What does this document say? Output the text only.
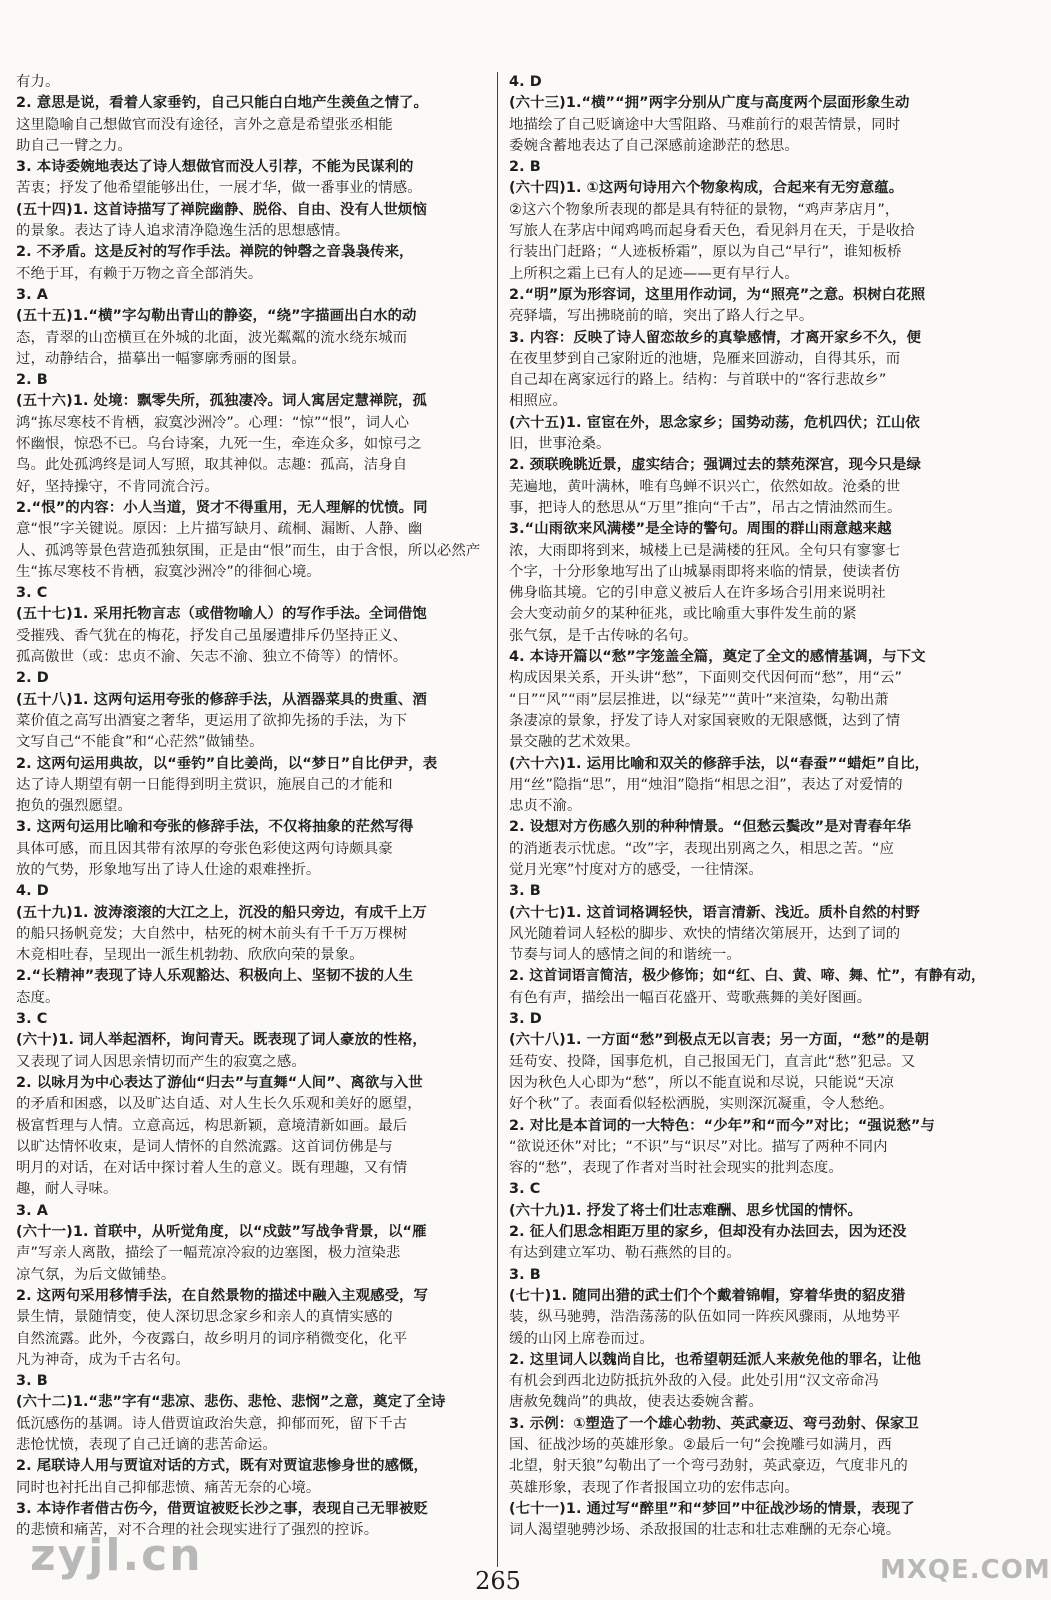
有力。

2. 意思是说，看着人家垂钓，自己只能白白地产生羡鱼之情了。

这里隐喻自己想做官而没有途径，言外之意是希望张丞相能

助自己一臂之力。

3. 本诗委婉地表达了诗人想做官而没人引荐，不能为民谋利的

苦衷；抒发了他希望能够出仕，一展才华，做一番事业的情感。

(五十四)1. 这首诗描写了禅院幽静、脱俗、自由、没有人世烦恼

的景象。表达了诗人追求清净隐逸生活的思想感情。

2. 不矛盾。这是反衬的写作手法。禅院的钟磬之音袅袅传来，

不绝于耳，有赖于万物之音全部消失。

3. A

(五十五)1.“横”字勾勒出青山的静姿，“绕”字描画出白水的动

态，青翠的山峦横亘在外城的北面，波光粼粼的流水绕东城而

过，动静结合，描摹出一幅寥廓秀丽的图景。

2. B

(五十六)1. 处境：飘零失所，孤独凄冷。词人寓居定慧禅院，孤

鸿“拣尽寒枝不肯栖，寂寞沙洲冷”。心理：“惊”“恨”，词人心

怀幽恨，惊恐不已。乌台诗案，九死一生，牵连众多，如惊弓之

鸟。此处孤鸿终是词人写照，取其神似。志趣：孤高，洁身自

好，坚持操守，不肯同流合污。

2.“恨”的内容：小人当道，贤才不得重用，无人理解的忧愤。同

意“恨”字关键说。原因：上片描写缺月、疏桐、漏断、人静、幽

人、孤鸿等景色营造孤独氛围，正是由“恨”而生，由于含恨，所以必然产

生“拣尽寒枝不肯栖，寂寞沙洲冷”的徘徊心境。

3. C

(五十七)1. 采用托物言志（或借物喻人）的写作手法。全词借饱

受摧残、香气犹在的梅花，抒发自己虽屡遭排斥仍坚持正义、

孤高傲世（或：忠贞不渝、矢志不渝、独立不倚等）的情怀。

2. D

(五十八)1. 这两句运用夸张的修辞手法，从酒器菜具的贵重、酒

菜价值之高写出酒宴之奢华，更运用了欲抑先扬的手法，为下

文写自己“不能食”和“心茫然”做铺垫。

2. 这两句运用典故，以“垂钓”自比姜尚，以“梦日”自比伊尹，表

达了诗人期望有朝一日能得到明主赏识，施展自己的才能和

抱负的强烈愿望。

3. 这两句运用比喻和夸张的修辞手法，不仅将抽象的茫然写得

具体可感，而且因其带有浓厚的夸张色彩使这两句诗颇具豪

放的气势，形象地写出了诗人仕途的艰难挫折。

4. D

(五十九)1. 波涛滚滚的大江之上，沉没的船只旁边，有成千上万

的船只扬帆竞发；大自然中，枯死的树木前头有千千万万棵树

木竞相吐春，呈现出一派生机勃勃、欣欣向荣的景象。

2.“长精神”表现了诗人乐观豁达、积极向上、坚韧不拔的人生

态度。

3. C

(六十)1. 词人举起酒杯，询问青天。既表现了词人豪放的性格，

又表现了词人因思亲情切而产生的寂寞之感。

2. 以咏月为中心表达了游仙“归去”与直舞“人间”、离欲与入世

的矛盾和困惑，以及旷达自适、对人生长久乐观和美好的愿望，

极富哲理与人情。立意高远，构思新颖，意境清新如画。最后

以旷达情怀收束，是词人情怀的自然流露。这首词仿佛是与

明月的对话，在对话中探讨着人生的意义。既有理趣，又有情

趣，耐人寻味。

3. A

(六十一)1. 首联中，从听觉角度，以“戍鼓”写战争背景，以“雁

声”写亲人离散，描绘了一幅荒凉冷寂的边塞图，极力渲染悲

凉气氛，为后文做铺垫。

2. 这两句采用移情手法，在自然景物的描述中融入主观感受，写

景生情，景随情变，使人深切思念家乡和亲人的真情实感的

自然流露。此外，今夜露白，故乡明月的词序稍微变化，化平

凡为神奇，成为千古名句。

3. B

(六十二)1.“悲”字有“悲凉、悲伤、悲怆、悲悯”之意，奠定了全诗

低沉感伤的基调。诗人借贾谊政治失意，抑郁而死，留下千古

悲怆忧愤，表现了自己迁谪的悲苦命运。

2. 尾联诗人用与贾谊对话的方式，既有对贾谊悲惨身世的感慨，

同时也衬托出自己抑郁悲愤、痛苦无奈的心境。

3. 本诗作者借古伤今，借贾谊被贬长沙之事，表现自己无罪被贬

的悲愤和痛苦，对不合理的社会现实进行了强烈的控诉。

4. D

(六十三)1.“横”“拥”两字分别从广度与高度两个层面形象生动

地描绘了自己贬谪途中大雪阻路、马难前行的艰苦情景，同时

委婉含蓄地表达了自己深感前途渺茫的愁思。

2. B

(六十四)1. ①这两句诗用六个物象构成，合起来有无穷意蕴。

②这六个物象所表现的都是具有特征的景物，“鸡声茅店月”，

写旅人在茅店中闻鸡鸣而起身看天色，看见斜月在天，于是收拾

行装出门赶路；“人迹板桥霜”，原以为自己“早行”，谁知板桥

上所积之霜上已有人的足迹——更有早行人。

2.“明”原为形容词，这里用作动词，为“照亮”之意。枳树白花照

亮驿墙，写出拂晓前的暗，突出了路人行之早。

3. 内容：反映了诗人留恋故乡的真挚感情，才离开家乡不久，便

在夜里梦到自己家附近的池塘，凫雁来回游动，自得其乐，而

自己却在离家远行的路上。结构：与首联中的“客行悲故乡”

相照应。

(六十五)1. 宦宦在外，思念家乡；国势动荡，危机四伏；江山依

旧，世事沧桑。

2. 颈联晚眺近景，虚实结合；强调过去的禁苑深宫，现今只是绿

芜遍地，黄叶满林，唯有鸟蝉不识兴亡，依然如故。沧桑的世

事，把诗人的愁思从“万里”推向“千古”，吊古之情油然而生。

3.“山雨欲来风满楼”是全诗的警句。周围的群山雨意越来越

浓，大雨即将到来，城楼上已是满楼的狂风。全句只有寥寥七

个字，十分形象地写出了山城暴雨即将来临的情景，使读者仿

佛身临其境。它的引申意义被后人在许多场合引用来说明社

会大变动前夕的某种征兆，或比喻重大事件发生前的紧

张气氛，是千古传咏的名句。

4. 本诗开篇以“愁”字笼盖全篇，奠定了全文的感情基调，与下文

构成因果关系，开头讲“愁”，下面则交代因何而“愁”，用“云”

“日”“风”“雨”层层推进，以“绿芜”“黄叶”来渲染，勾勒出萧

条凄凉的景象，抒发了诗人对家国衰败的无限感慨，达到了情

景交融的艺术效果。

(六十六)1. 运用比喻和双关的修辞手法，以“春蚕”“蜡炬”自比，

用“丝”隐指“思”，用“烛泪”隐指“相思之泪”，表达了对爱情的

忠贞不渝。

2. 设想对方伤感久别的种种情景。“但愁云鬓改”是对青春年华

的消逝表示忧虑。“改”字，表现出别离之久，相思之苦。“应

觉月光寒”忖度对方的感受，一往情深。

3. B

(六十七)1. 这首词格调轻快，语言清新、浅近。质朴自然的村野

风光随着词人轻松的脚步、欢快的情绪次第展开，达到了词的

节奏与词人的感情之间的和谐统一。

2. 这首词语言简洁，极少修饰；如“红、白、黄、啼、舞、忙”，有静有动，

有色有声，描绘出一幅百花盛开、莺歌燕舞的美好图画。

3. D

(六十八)1. 一方面“愁”到极点无以言表；另一方面，“愁”的是朝

廷苟安、投降，国事危机，自己报国无门，直言此“愁”犯忌。又

因为秋色人心即为“愁”，所以不能直说和尽说，只能说“天凉

好个秋”了。表面看似轻松洒脱，实则深沉凝重，令人愁绝。

2. 对比是本首词的一大特色：“少年”和“而今”对比；“强说愁”与

“欲说还休”对比；“不识”与“识尽”对比。描写了两种不同内

容的“愁”，表现了作者对当时社会现实的批判态度。

3. C

(六十九)1. 抒发了将士们壮志难酬、思乡忧国的情怀。

2. 征人们思念相距万里的家乡，但却没有办法回去，因为还没

有达到建立军功、勒石燕然的目的。

3. B

(七十)1. 随同出猎的武士们个个戴着锦帽，穿着华贵的貂皮猎

装，纵马驰骋，浩浩荡荡的队伍如同一阵疾风骤雨，从地势平

缓的山冈上席卷而过。

2. 这里词人以魏尚自比，也希望朝廷派人来赦免他的罪名，让他

有机会到西北边防抵抗外敌的入侵。此处引用“汉文帝命冯

唐赦免魏尚”的典故，使表达委婉含蓄。

3. 示例：①塑造了一个雄心勃勃、英武豪迈、弯弓劲射、保家卫

国、征战沙场的英雄形象。②最后一句“会挽雕弓如满月，西

北望，射天狼”勾勒出了一个弯弓劲射，英武豪迈，气度非凡的

英雄形象，表现了作者报国立功的宏伟志向。

(七十一)1. 通过写“醉里”和“梦回”中征战沙场的情景，表现了

词人渴望驰骋沙场、杀敌报国的壮志和壮志难酬的无奈心境。

265
zyjl.cn	MXQE.COM
